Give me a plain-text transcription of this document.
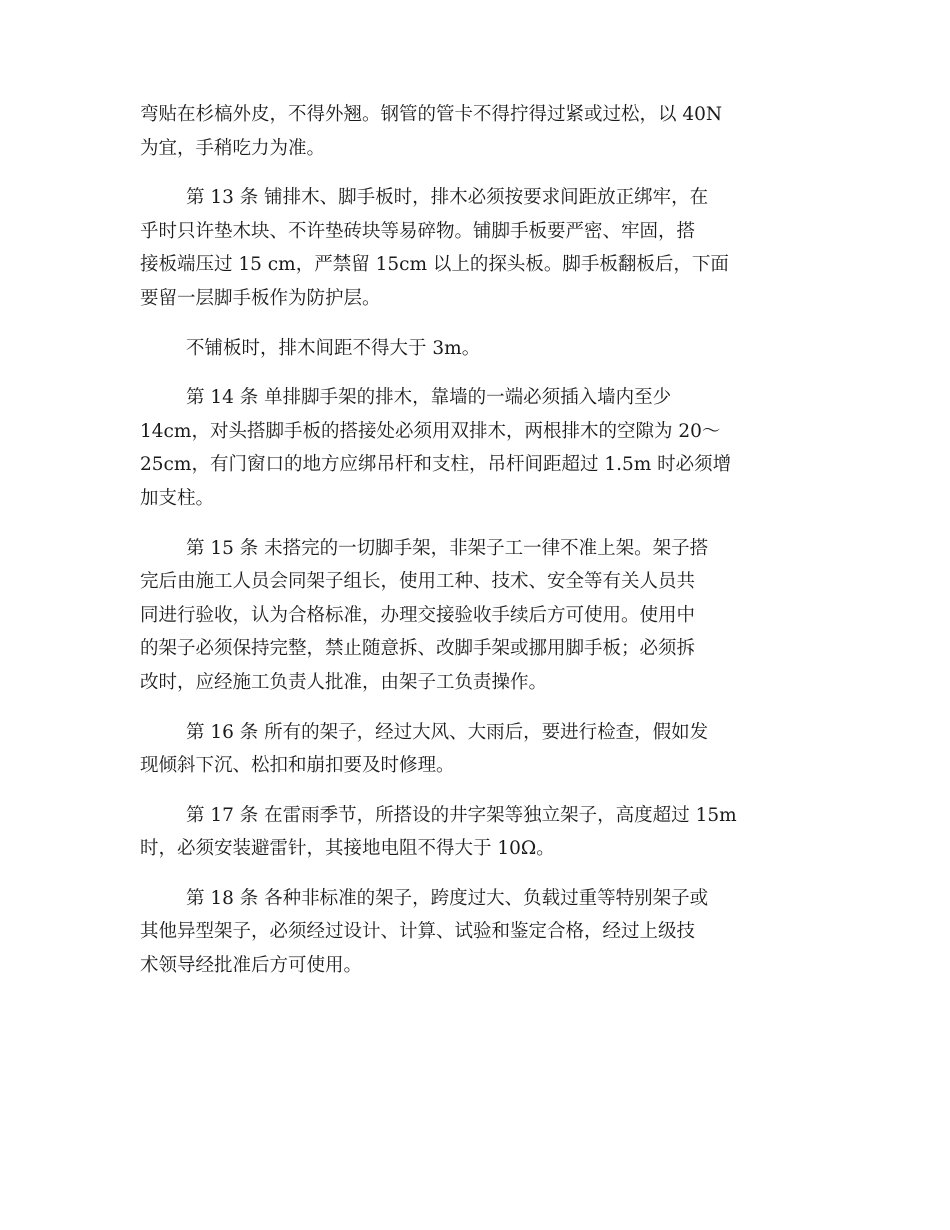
弯贴在杉槁外皮，不得外翘。钢管的管卡不得拧得过紧或过松，以 40N
为宜，手稍吃力为准。

第 13 条 铺排木、脚手板时，排木必须按要求间距放正绑牢，在
乎时只许垫木块、不许垫砖块等易碎物。铺脚手板要严密、牢固，搭
接板端压过 15 cm，严禁留 15cm 以上的探头板。脚手板翻板后，下面
要留一层脚手板作为防护层。

不铺板时，排木间距不得大于 3m。

第 14 条 单排脚手架的排木，靠墙的一端必须插入墙内至少
14cm，对头搭脚手板的搭接处必须用双排木，两根排木的空隙为 20～
25cm，有门窗口的地方应绑吊杆和支柱，吊杆间距超过 1.5m 时必须增
加支柱。

第 15 条 未搭完的一切脚手架，非架子工一律不准上架。架子搭
完后由施工人员会同架子组长，使用工种、技术、安全等有关人员共
同进行验收，认为合格标准，办理交接验收手续后方可使用。使用中
的架子必须保持完整，禁止随意拆、改脚手架或挪用脚手板；必须拆
改时，应经施工负责人批准，由架子工负责操作。

第 16 条 所有的架子，经过大风、大雨后，要进行检查，假如发
现倾斜下沉、松扣和崩扣要及时修理。

第 17 条 在雷雨季节，所搭设的井字架等独立架子，高度超过 15m
时，必须安装避雷针，其接地电阻不得大于 10Ω。

第 18 条 各种非标准的架子，跨度过大、负载过重等特别架子或
其他异型架子，必须经过设计、计算、试验和鉴定合格，经过上级技
术领导经批准后方可使用。
